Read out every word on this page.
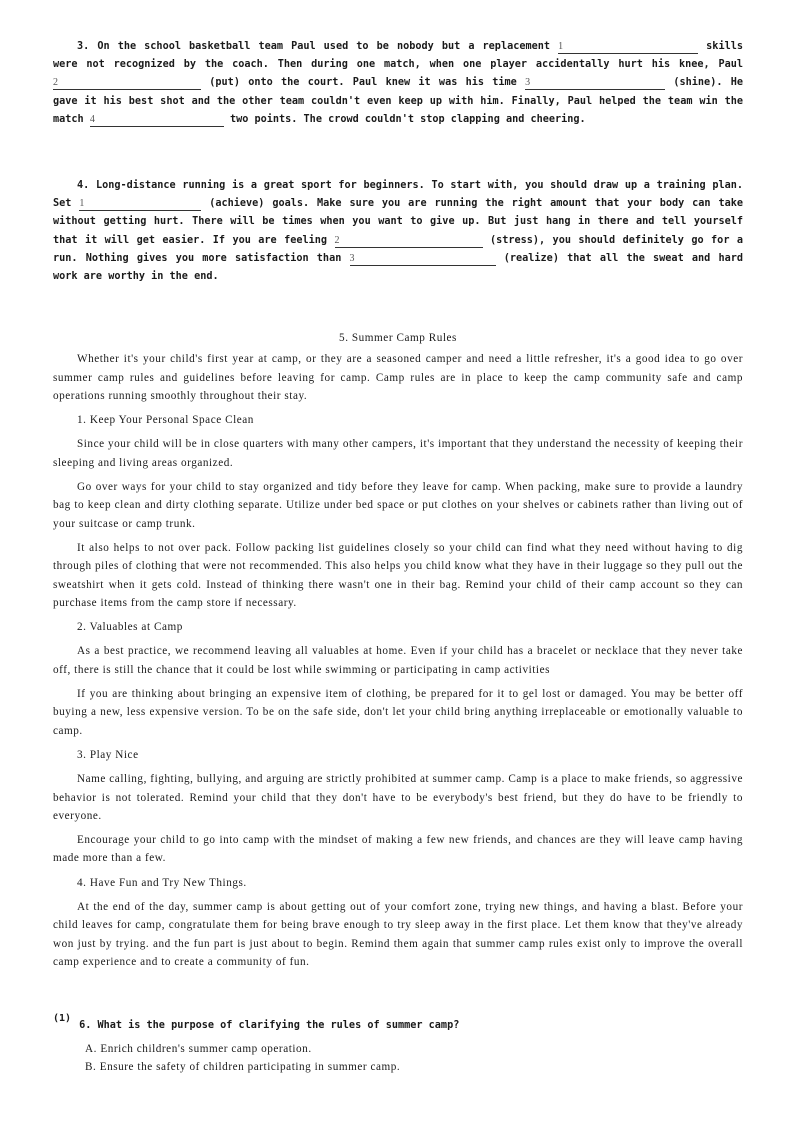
3. On the school basketball team Paul used to be nobody but a replacement 1	skills were not recognized by the coach. Then during one match, when one player accidentally hurt his knee, Paul 2	(put) onto the court. Paul knew it was his time 3	(shine). He gave it his best shot and the other team couldn't even keep up with him. Finally, Paul helped the team win the match 4	two points. The crowd couldn't stop clapping and cheering.

4. Long-distance running is a great sport for beginners. To start with, you should draw up a training plan. Set 1	(achieve) goals. Make sure you are running the right amount that your body can take without getting hurt. There will be times when you want to give up. But just hang in there and tell yourself that it will get easier. If you are feeling 2	(stress), you should definitely go for a run. Nothing gives you more satisfaction than 3	(realize) that all the sweat and hard work are worthy in the end.

5. Summer Camp Rules

Whether it's your child's first year at camp, or they are a seasoned camper and need a little refresher, it's a good idea to go over summer camp rules and guidelines before leaving for camp. Camp rules are in place to keep the camp community safe and camp operations running smoothly throughout their stay.

1. Keep Your Personal Space Clean

Since your child will be in close quarters with many other campers, it's important that they understand the necessity of keeping their sleeping and living areas organized.

Go over ways for your child to stay organized and tidy before they leave for camp. When packing, make sure to provide a laundry bag to keep clean and dirty clothing separate. Utilize under bed space or put clothes on your shelves or cabinets rather than living out of your suitcase or camp trunk.

It also helps to not over pack. Follow packing list guidelines closely so your child can find what they need without having to dig through piles of clothing that were not recommended. This also helps you child know what they have in their luggage so they pull out the sweatshirt when it gets cold. Instead of thinking there wasn't one in their bag. Remind your child of their camp account so they can purchase items from the camp store if necessary.

2. Valuables at Camp

As a best practice, we recommend leaving all valuables at home. Even if your child has a bracelet or necklace that they never take off, there is still the chance that it could be lost while swimming or participating in camp activities

If you are thinking about bringing an expensive item of clothing, be prepared for it to gel lost or damaged. You may be better off buying a new, less expensive version. To be on the safe side, don't let your child bring anything irreplaceable or emotionally valuable to camp.

3. Play Nice

Name calling, fighting, bullying, and arguing are strictly prohibited at summer camp. Camp is a place to make friends, so aggressive behavior is not tolerated. Remind your child that they don't have to be everybody's best friend, but they do have to be friendly to everyone.

Encourage your child to go into camp with the mindset of making a few new friends, and chances are they will leave camp having made more than a few.

4. Have Fun and Try New Things.

At the end of the day, summer camp is about getting out of your comfort zone, trying new things, and having a blast. Before your child leaves for camp, congratulate them for being brave enough to try sleep away in the first place. Let them know that they've already won just by trying. and the fun part is just about to begin. Remind them again that summer camp rules exist only to improve the overall camp experience and to create a community of fun.

(1)
6. What is the purpose of clarifying the rules of summer camp?

A. Enrich children's summer camp operation.

B. Ensure the safety of children participating in summer camp.
